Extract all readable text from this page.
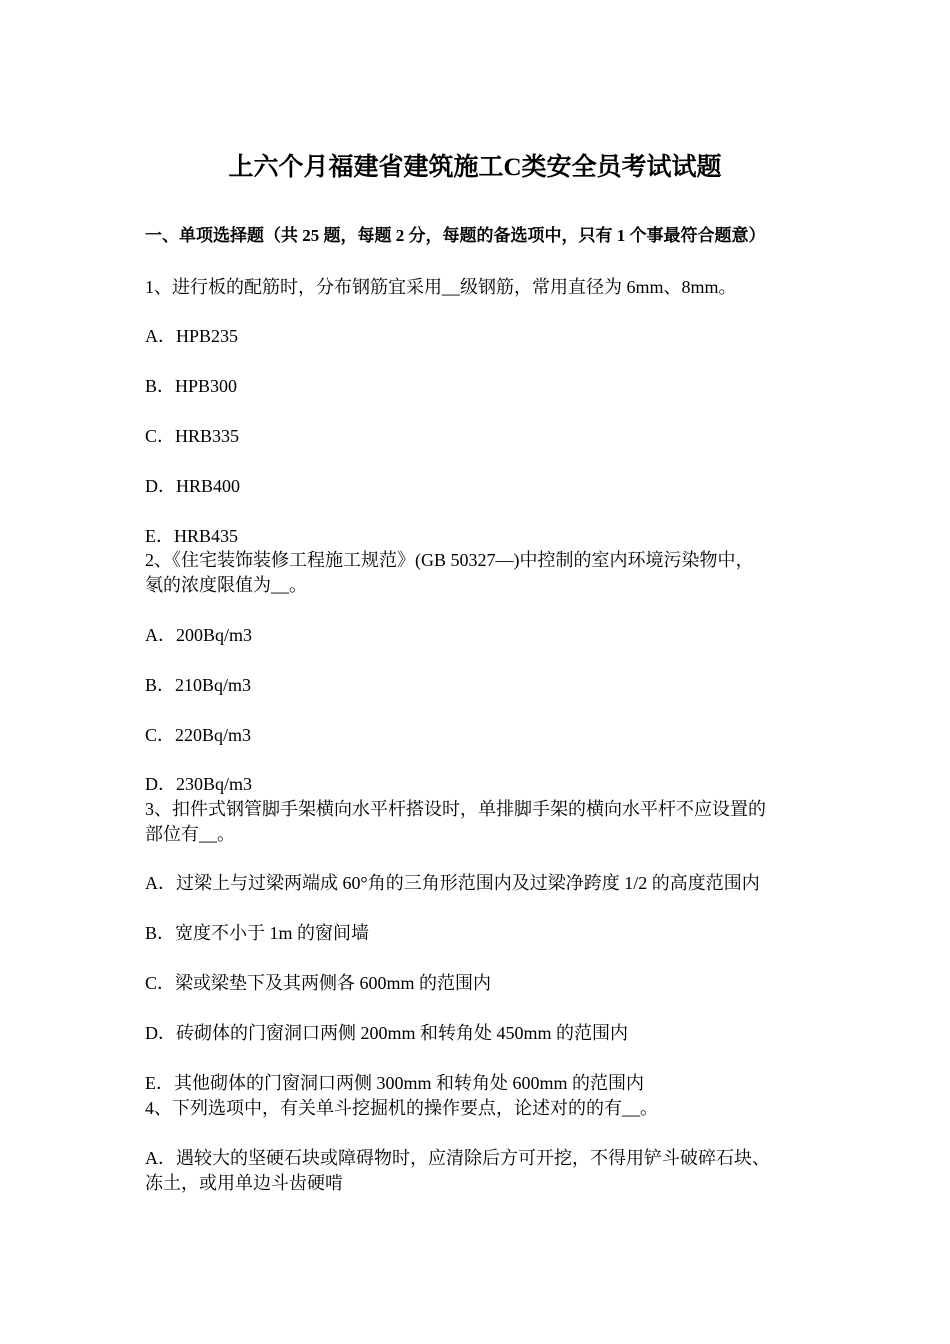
上六个月福建省建筑施工C类安全员考试试题
一、单项选择题（共 25 题，每题 2 分，每题的备选项中，只有 1 个事最符合题意）
1、进行板的配筋时，分布钢筋宜采用__级钢筋，常用直径为 6mm、8mm。
A．HPB235
B．HPB300
C．HRB335
D．HRB400
E．HRB435
2、《住宅装饰装修工程施工规范》(GB 50327—)中控制的室内环境污染物中，
氡的浓度限值为__。
A．200Bq/m3
B．210Bq/m3
C．220Bq/m3
D．230Bq/m3
3、扣件式钢管脚手架横向水平杆搭设时，单排脚手架的横向水平杆不应设置的
部位有__。
A．过梁上与过梁两端成 60°角的三角形范围内及过梁净跨度 1/2 的高度范围内
B．宽度不小于 1m 的窗间墙
C．梁或梁垫下及其两侧各 600mm 的范围内
D．砖砌体的门窗洞口两侧 200mm 和转角处 450mm 的范围内
E．其他砌体的门窗洞口两侧 300mm 和转角处 600mm 的范围内
4、下列选项中，有关单斗挖掘机的操作要点，论述对的的有__。
A．遇较大的坚硬石块或障碍物时，应清除后方可开挖，不得用铲斗破碎石块、
冻土，或用单边斗齿硬啃
